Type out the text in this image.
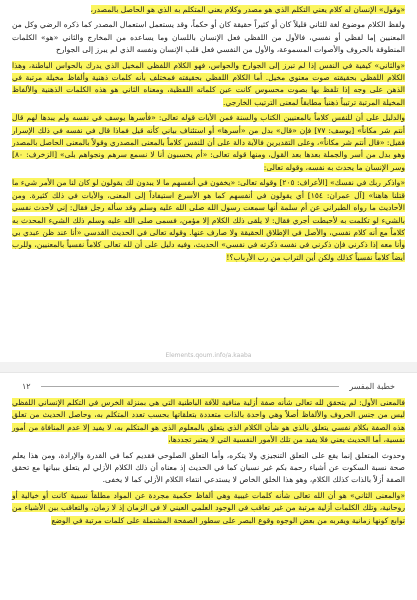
«وقول» الإنسان له كلام يعني التكلم الذي هو مصدر وكلام يعني المتكلم به الذي هو الحاصل بالمصدر،

ولفظ الكلام موضوع لغة للثاني قليلاً كان أو كثيراً حقيقة كان أو حكماً، وقد يستعمل استعمال المصدر كما ذكره الرضي وكل من المعنيين إما لفظي أو نفسي، فالأول من اللفظي فعل الإنسان باللسان وما يساعده من المخارج والثاني «هو» الكلمات المنطوقة بالحروف والأصوات المسموعة، والأول من النفسي فعل قلب الإنسان ونفسه الذي لم يبرز إلى الجوارح

«والثاني» كيفية في النفس إذا لم تبرز إلى الجوارح والحواس، فهو الكلام اللفظي المخيل الذي يدرك بالحواس الباطنة، وهذا الكلام اللفظي بحقيقته صوت معنوي مخيل. أما الكلام اللفظي بحقيقته فمختلف بأنه كلمات ذهنية وألفاظ مخيلة مرتبة في الذهن على وجه إذا تلفظ بها بصوت محسوس كانت عين كلماته اللفظية، ومعناه الثاني هو هذه الكلمات الذهنية والألفاظ المخيلة المرتبة ترتيباً ذهنياً مطابقاً لمعنى الترتيب الخارجي.

والدليل على أن للنفس كلاماً بالمعنيين الكتاب والسنة فمن الأيات قوله تعالى: «فأسرها يوسف في نفسه ولم يبدها لهم قال أنتم شر مكاناً» [يوسف: ٧٧] فإن «قال» بدل من «أسرها» أو استئناف بياني كأنه قيل فماذا قال في نفسه في ذلك الإسرار فقيل: «قال أنتم شر مكاناً»، وعلى التقديرين فالآية دالة على أن للنفس كلاماً بالمعنى المصدري وقولاً بالمعنى الحاصل بالمصدر وهو بدل من أسر والجملة بعدها بعد القول، ومنها قوله تعالى: «أم يحسبون أنا لا نسمع سرهم ونجواهم بلى» [الزخرف: ٨٠] وسر الإنسان ما يحدث به نفسه، وقوله تعالى:

«واذكر ربك في نفسك» [الأعراف: ٢٠٥] وقوله تعالى: «يخفون في أنفسهم ما لا يبدون لك يقولون لو كان لنا من الأمر شيء ما قتلنا هاهنا» [آل عمران: ١٥٤] أي يقولون في أنفسهم كما هو الأسرع استيفاداً إلى المعنى، والأيات في ذلك كثيرة. ومن الأحاديث ما رواه الطبراني عن أم سلمة أنها سمعت رسول الله صلى الله عليه وسلم وقد سأله رجل فقال: إني لأحدث نفسي بالشيء لو تكلمت به لأحبطت أجري فقال: لا يلقى ذلك الكلام إلا مؤمن، فسمى صلى الله عليه وسلم ذلك الشيء المحدث به كلاماً مع أنه كلام نفسي، والأصل في الإطلاق الحقيقة ولا صارف عنها. وقوله تعالى في الحديث القدسي «أنا عند ظن عبدي بي وأنا معه إذا ذكرني فإن ذكرني في نفسه ذكرته في نفسي» الحديث، وفيه دليل على أن لله تعالى كلاماً نفسياً بالمعنيين، وللرب أيضاً كلاماً نفسياً كذلك ولكن أين التراب من رب الأرباب؟!

Elements.qoum.info/a.kaaba
١٢	خطبة المفسر

فالمعنى الأول: لم يتحقق لله تعالى شأنه صفة أزلية منافية للآفة الباطنية التي هي بمنزلة الخرس في التكلم الإنساني اللفظي ليس من جنس الحروف والألفاظ أصلاً وهي واحدة بالذات متعددة بتعلقاتها بحسب تعدد المتكلم به، وحاصل الحديث من تعلق هذه الصفة بكلام نفسي يتعلق بالذي هو شأن الكلام الذي يتعلق بالمعلوم الذي هو المتكلم به، لا يفيد إلا عدم المنافاة من أمور نفسية، أما الحديث يعني فلا يفيد من تلك الأمور النفسية التي لا يعتبر تجددها،

وحدوث المتعلق إنما يقع على التعلق التنجيزي ولا يتكره، وأما التعلق الصلوحي فقديم كما في القدرة والإرادة، ومن هذا يعلم صحة نسبة السكوت عن أشياء رحمة بكم غير نسيان كما في الحديث إذ معناه أن ذلك الكلام الأزلي لم يتعلق ببيانها مع تحقق الصفة أزلاً بالذات كذلك الكلام، وهو هذا الخلق الخاص لا يستدعي انتفاء الكلام الأزلي كما لا يخفى.

«والمعنى الثاني» هو أن الله تعالى شأنه كلمات غيبية وهي ألفاظ حكمية مجردة عن المواد مطلقاً نسبية كانت أو خيالية أو روحانية، وتلك الكلمات أزلية مرتبة من غير تعاقب في الوجود العلمي العيني لا في الزمان إذ لا زمان، والتعاقب بين الأشياء من توابع كونها زمانية ويقربه من بعض الوجوه وقوع البصر على سطور الصفحة المشتملة على كلمات مرتبة في الوضع
